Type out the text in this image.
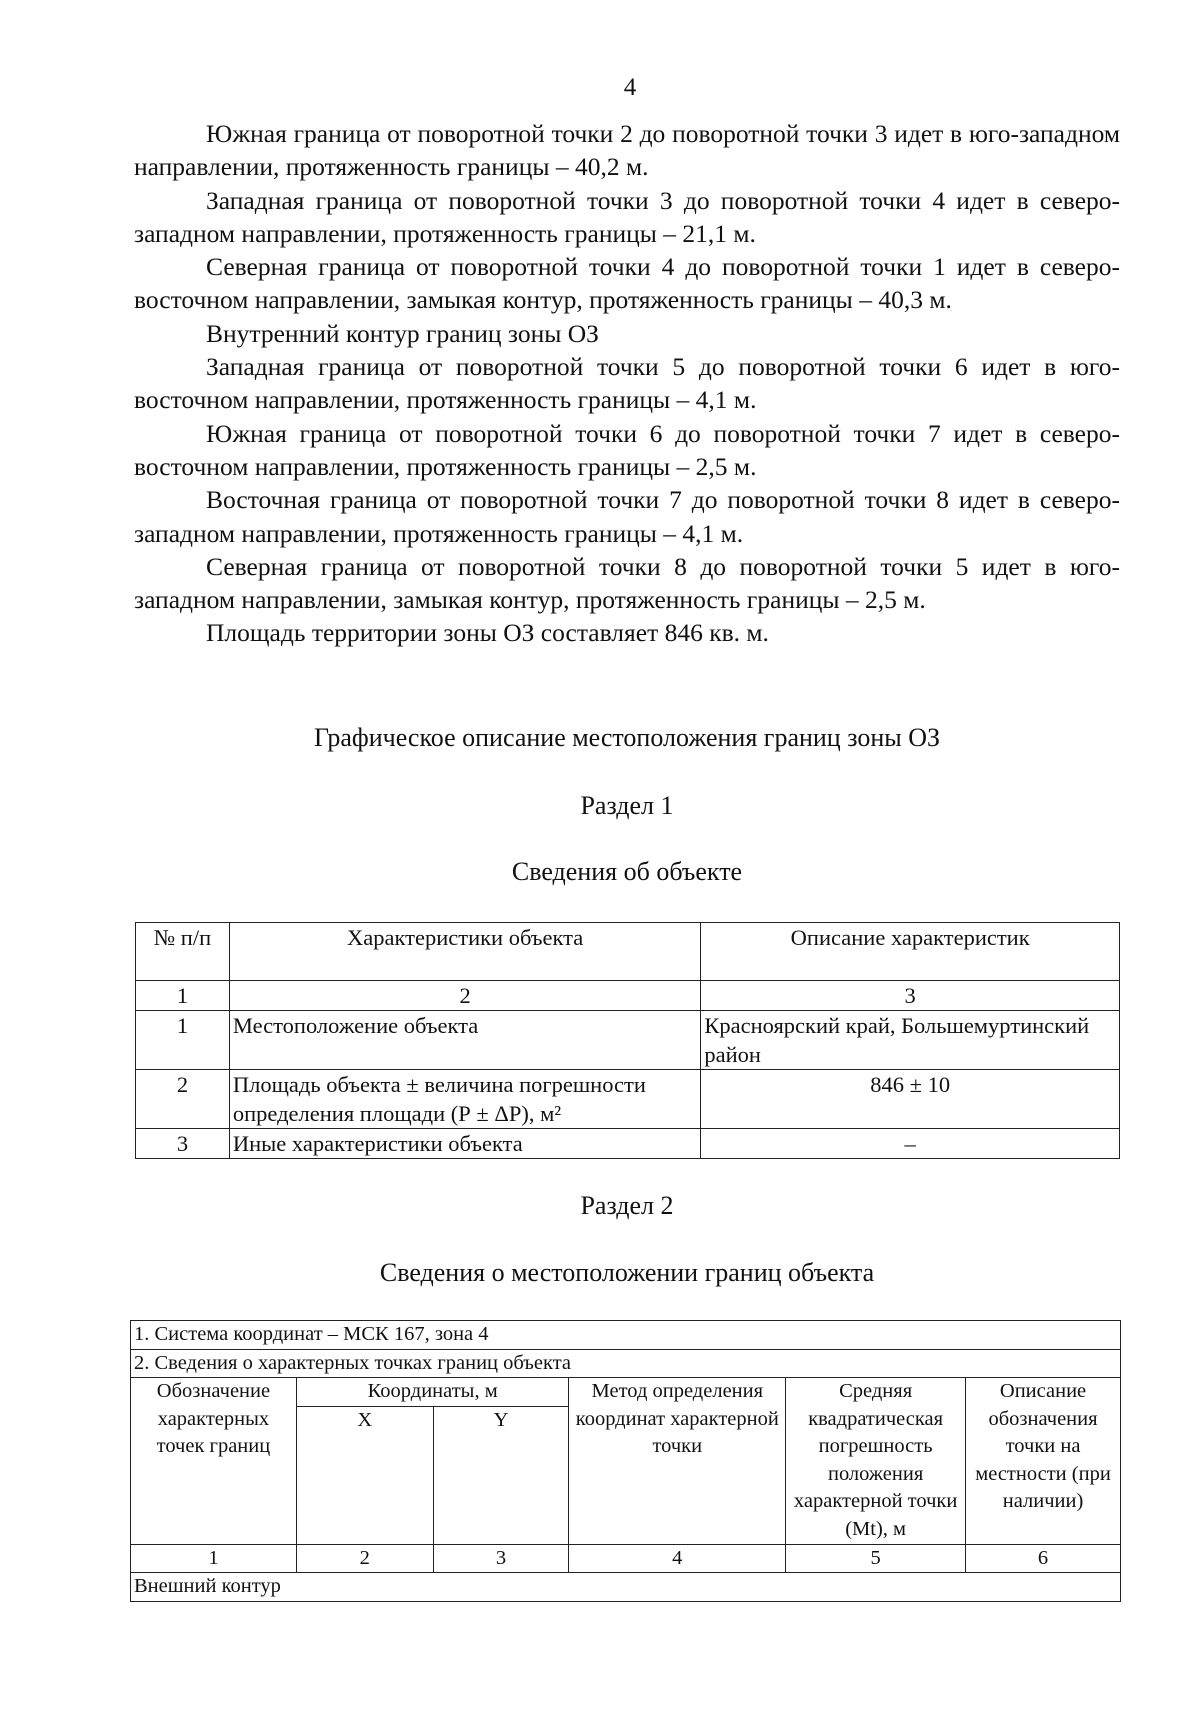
4

Южная граница от поворотной точки 2 до поворотной точки 3 идет в юго-западном направлении, протяженность границы – 40,2 м.

Западная граница от поворотной точки 3 до поворотной точки 4 идет в северо-западном направлении, протяженность границы – 21,1 м.

Северная граница от поворотной точки 4 до поворотной точки 1 идет в северо-восточном направлении, замыкая контур, протяженность границы – 40,3 м.

Внутренний контур границ зоны ОЗ

Западная граница от поворотной точки 5 до поворотной точки 6 идет в юго-восточном направлении, протяженность границы – 4,1 м.

Южная граница от поворотной точки 6 до поворотной точки 7 идет в северо-восточном направлении, протяженность границы – 2,5 м.

Восточная граница от поворотной точки 7 до поворотной точки 8 идет в северо-западном направлении, протяженность границы – 4,1 м.

Северная граница от поворотной точки 8 до поворотной точки 5 идет в юго-западном направлении, замыкая контур, протяженность границы – 2,5 м.

Площадь территории зоны ОЗ составляет 846 кв. м.

Графическое описание местоположения границ зоны ОЗ
Раздел 1
Сведения об объекте
№ п/п	Характеристики объекта	Описание характеристик
1	2	3
1	Местоположение объекта	Красноярский край, Большемуртинский район
2	Площадь объекта ± величина погрешности определения площади (Р ± ΔР), м²	846 ± 10
3	Иные характеристики объекта	–
Раздел 2
Сведения о местоположении границ объекта
1. Система координат – МСК 167, зона 4					
2. Сведения о характерных точках границ объекта					
Обозначение характерных точек границ	Координаты, м		Метод определения координат характерной точки	Средняя квадратическая погрешность положения характерной точки (Mt), м	Описание обозначения точки на местности (при наличии)
	X	Y			
1	2	3	4	5	6
Внешний контур					
